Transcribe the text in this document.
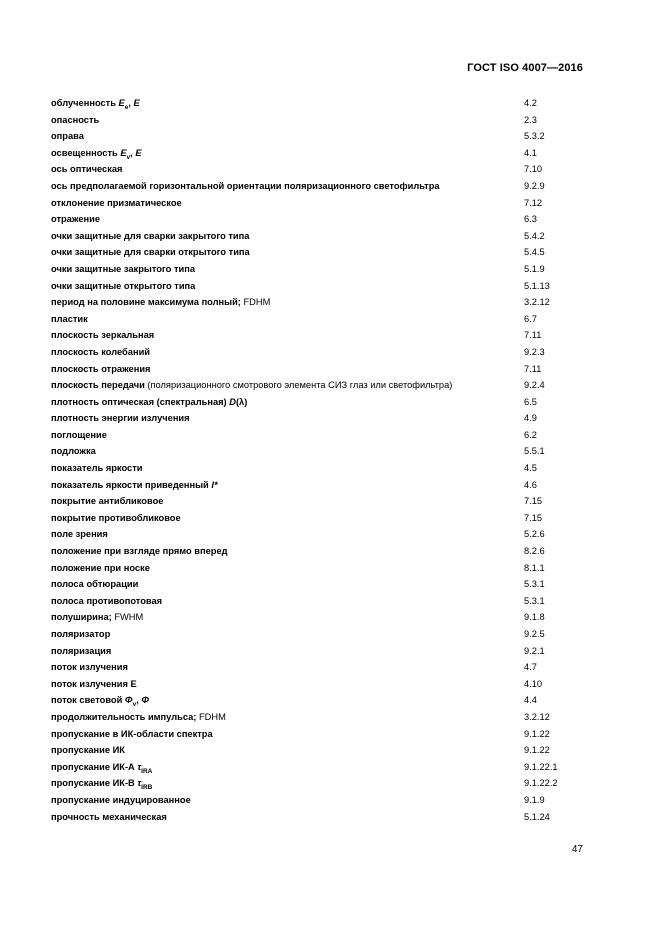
ГОСТ ISO 4007—2016
облученность $E_e$, E	4.2
опасность	2.3
оправа	5.3.2
освещенность $E_v$, E	4.1
ось оптическая	7.10
ось предполагаемой горизонтальной ориентации поляризационного светофильтра	9.2.9
отклонение призматическое	7.12
отражение	6.3
очки защитные для сварки закрытого типа	5.4.2
очки защитные для сварки открытого типа	5.4.5
очки защитные закрытого типа	5.1.9
очки защитные открытого типа	5.1.13
период на половине максимума полный; FDHM	3.2.12
пластик	6.7
плоскость зеркальная	7.11
плоскость колебаний	9.2.3
плоскость отражения	7.11
плоскость передачи (поляризационного смотрового элемента СИЗ глаз или светофильтра)	9.2.4
плотность оптическая (спектральная) D(λ)	6.5
плотность энергии излучения	4.9
поглощение	6.2
подложка	5.5.1
показатель яркости	4.5
показатель яркости приведенный l*	4.6
покрытие антибликовое	7.15
покрытие противобликовое	7.15
поле зрения	5.2.6
положение при взгляде прямо вперед	8.2.6
положение при носке	8.1.1
полоса обтюрации	5.3.1
полоса противопотовая	5.3.1
полуширина; FWHM	9.1.8
поляризатор	9.2.5
поляризация	9.2.1
поток излучения	4.7
поток излучения Е	4.10
поток световой $\Phi_v$, Φ	4.4
продолжительность импульса; FDHM	3.2.12
пропускание в ИК-области спектра	9.1.22
пропускание ИК	9.1.22
пропускание ИК-А $\tau_{IRA}$	9.1.22.1
пропускание ИК-В $\tau_{IRB}$	9.1.22.2
пропускание индуцированное	9.1.9
прочность механическая	5.1.24
47
